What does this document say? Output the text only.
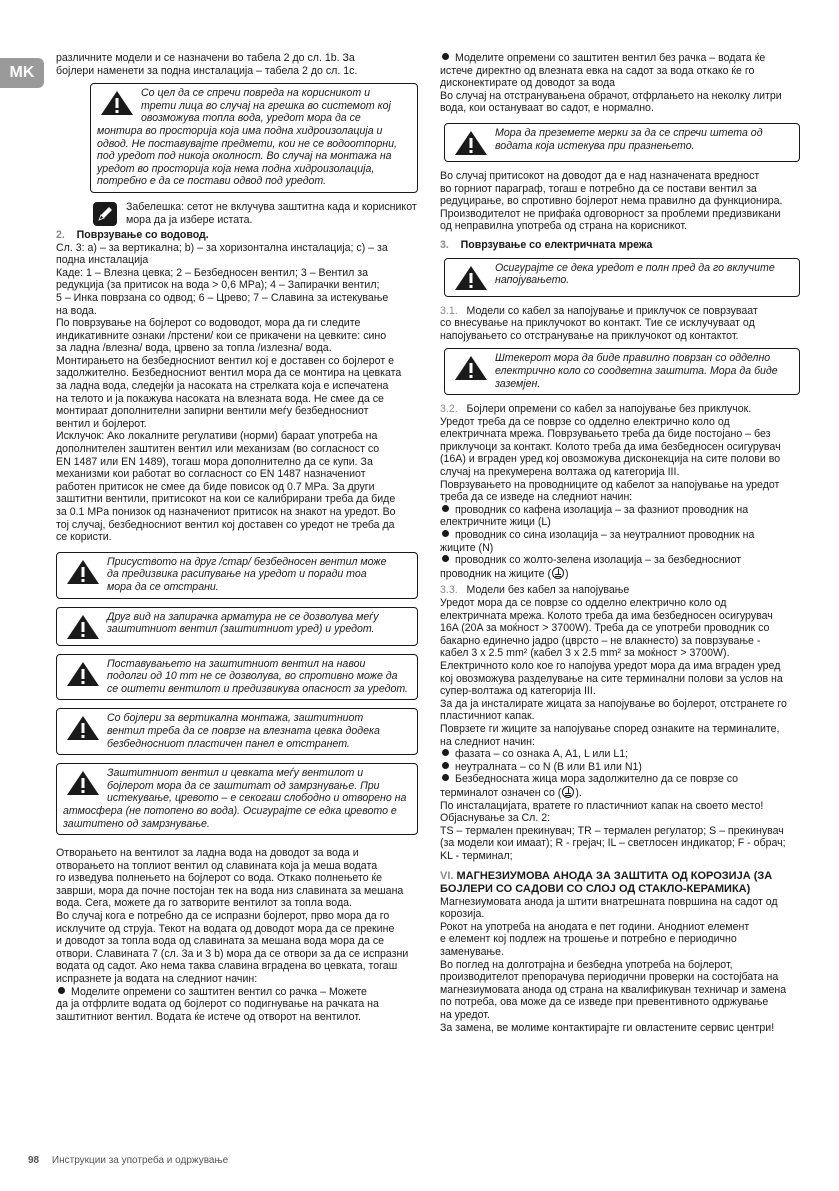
MK

различните модели и се назначени во табела 2 до сл. 1b. За

бојлери наменети за подна инсталација – табела 2 до сл. 1c.

Со цел да се спречи повреда на корисникот и

трети лица во случај на грешка во системот кој

овозможува топла вода, уредот мора да се

монтира во просторија која има подна хидроизолација и

одвод. Не поставувајте предмети, кои не се водоотпорни,

под уредот под никоја околност. Во случај на монтажа на

уредот во просторија која нема подна хидроизолација,

потребно е да се постави одвод под уредот.

Забелешка: сетот не вклучува заштитна када и корисникот

мора да ја избере истата.

2. Поврзување со водовод.

Сл. 3: a) – за вертикална; b) – за хоризонтална инсталација; c) – за

подна инсталација

Каде: 1 – Влезна цевка; 2 – Безбедносен вентил; 3 – Вентил за

редукција (за притисок на вода > 0,6 MPa); 4 – Запирачки вентил;

5 – Инка поврзана со одвод; 6 – Црево; 7 – Славина за истекување

на вода.

По поврзување на бојлерот со водоводот, мора да ги следите

индикативните ознаки /прстени/ кои се прикачени на цевките: сино

за ладна /влезна/ вода, црвено за топла /излезна/ вода.

Монтирањето на безбедносниот вентил кој е доставен со бојлерот е

задолжително. Безбедносниот вентил мора да се монтира на цевката

за ладна вода, следејќи ја насоката на стрелката која е испечатена

на телото и ја покажува насоката на влезната вода. Не смее да се

монтираат дополнителни запирни вентили меѓу безбедносниот

вентил и бојлерот.

Исклучок: Ако локалните регулативи (норми) бараат употреба на

дополнителен заштитен вентил или механизам (во согласност со

EN 1487 или EN 1489), тогаш мора дополнително да се купи. За

механизми кои работат во согласност со EN 1487 назначениот

работен притисок не смее да биде повисок од 0.7 MPa. За други

заштитни вентили, притисокот на кои се калибрирани треба да биде

за 0.1 MPa понизок од назначениот притисок на знакот на уредот. Во

тој случај, безбедносниот вентил кој доставен со уредот не треба да

се користи.

Присуството на друг /стар/ безбедносен вентил може

да предизвика расипување на уредот и поради тоа

мора да се отстрани.

Друг вид на запирачка арматура не се дозволува меѓу

заштитниот вентил (заштитниот уред) и уредот.

Поставувањето на заштитниот вентил на навои

подолги од 10 mm не се дозволува, во спротивно може да

се оштети вентилот и предизвикува опасност за уредот.

Со бојлери за вертикална монтажа, заштитниот

вентил треба да се поврзе на влезната цевка додека

безбедносниот пластичен панел е отстранет.

Заштитниот вентил и цевката меѓу вентилот и

бојлерот мора да се заштитат од замрзнување. При

истекување, цревото – е секогаш слободно и отворено на

атмосфера (не потопено во вода). Осигурајте се едка цревото е

заштитено од замрзнување.

Отворањето на вентилот за ладна вода на доводот за вода и

отворањето на топлиот вентил од славината која ја меша водата

го изведува полнењето на бојлерот со вода. Откако полнењето ќе

заврши, мора да почне постојан тек на вода низ славината за мешана

вода. Сега, можете да го затворите вентилот за топла вода.

Во случај кога е потребно да се испразни бојлерот, прво мора да го

исклучите од струја. Текот на водата од доводот мора да се прекине

и доводот за топла вода од славината за мешана вода мора да се

отвори. Славината 7 (сл. 3a и 3 b) мора да се отвори за да се испразни

водата од садот. Ако нема таква славина вградена во цевката, тогаш

испразнете ја водата на следниот начин:

Моделите опремени со заштитен вентил со рачка – Можете

да ја отфрлите водата од бојлерот со подигнување на рачката на

заштитниот вентил. Водата ќе истече од отворот на вентилот.

Моделите опремени со заштитен вентил без рачка – водата ќе

истече директно од влезната евка на садот за вода откако ќе го

дисконектирате од доводот за вода

Во случај на отстранувањена обрачот, отфрлањето на неколку литри

вода, кои остануваат во садот, е нормално.

Мора да преземете мерки за да се спречи штета од

водата која истекува при празнењето.

Во случај притисокот на доводот да е над назначената вредност

во горниот параграф, тогаш е потребно да се постави вентил за

редуцирање, во спротивно бојлерот нема правилно да функционира.

Производителот не прифаќа одговорност за проблеми предизвикани

од неправилна употреба од страна на корисникот.

3. Поврзување со електричната мрежа

Осигурајте се дека уредот е полн пред да го вклучите

напојувањето.

3.1. Модели со кабел за напојување и приклучок се поврзуваат

со внесување на приклучокот во контакт. Тие се исклучуваат од

напојувањето со отстранување на приклучокот од контактот.

Штекерот мора да биде правилно поврзан со одделно

електрично коло со соодветна заштита. Мора да биде

заземјен.

3.2. Бојлери опремени со кабел за напојување без приклучок.

Уредот треба да се поврзе со одделно електрично коло од

електричната мрежа. Поврзувањето треба да биде постојано – без

приклучоци за контакт. Колото треба да има безбедносен осигурувач

(16A) и вграден уред кој овозможува дисконекција на сите полови во

случај на прекумерена волтажа од категорија III.

Поврзувањето на проводниците од кабелот за напојување на уредот

треба да се изведе на следниот начин:

проводник со кафена изолација – за фазниот проводник на

електричните жици (L)

проводник со сина изолација – за неутралниот проводник на

жиците (N)

проводник со жолто-зелена изолација – за безбедносниот

проводник на жиците ( )

3.3. Модели без кабел за напојување

Уредот мора да се поврзе со одделно електрично коло од

електричната мрежа. Колото треба да има безбедносен осигурувач

16A (20A за моќност > 3700W). Треба да се употреби проводник со

бакарно единечно јадро (цврсто – не влакнесто) за поврзување -

кабел 3 x 2.5 mm² (кабел 3 x 2.5 mm² за моќност > 3700W).

Електричното коло кое го напојува уредот мора да има вграден уред

кој овозможува разделување на сите терминални полови за услов на

супер-волтажа од категорија III.

За да ја инсталирате жицата за напојување во бојлерот, отстранете го

пластичниот капак.

Поврзете ги жиците за напојување според ознаките на терминалите,

на следниот начин:

фазата – со ознака A, A1, L или L1;

неутралната – со N (B или B1 или N1)

Безбедносната жица мора задолжително да се поврзе со

терминалот означен со ( ).

По инсталацијата, вратете го пластичниот капак на своето место!

Објаснување за Сл. 2:

TS – термален прекинувач; TR – термален регулатор; S – прекинувач

(за модели кои имаат); R - грејач; IL – светлосен индикатор; F - обрач;

KL - терминал;

VI. МАГНЕЗИУМОВА АНОДА ЗА ЗАШТИТА ОД КОРОЗИЈА (ЗА

БОЈЛЕРИ СО САДОВИ СО СЛОЈ ОД СТАКЛО-КЕРАМИКА)

Магнезиумовата анода ја штити внатрешната површина на садот од

корозија.

Рокот на употреба на анодата е пет години. Анодниот елемент

е елемент кој подлеж на трошење и потребно е периодично

заменување.

Во поглед на долготрајна и безбедна употреба на бојлерот,

производителот препорачува периодични проверки на состојбата на

магнезиумовата анода од страна на квалификуван техничар и замена

по потреба, ова може да се изведе при превентивното одржување

на уредот.

За замена, ве молиме контактирајте ги овластените сервис центри!

98 Инструкции за употреба и одржување
